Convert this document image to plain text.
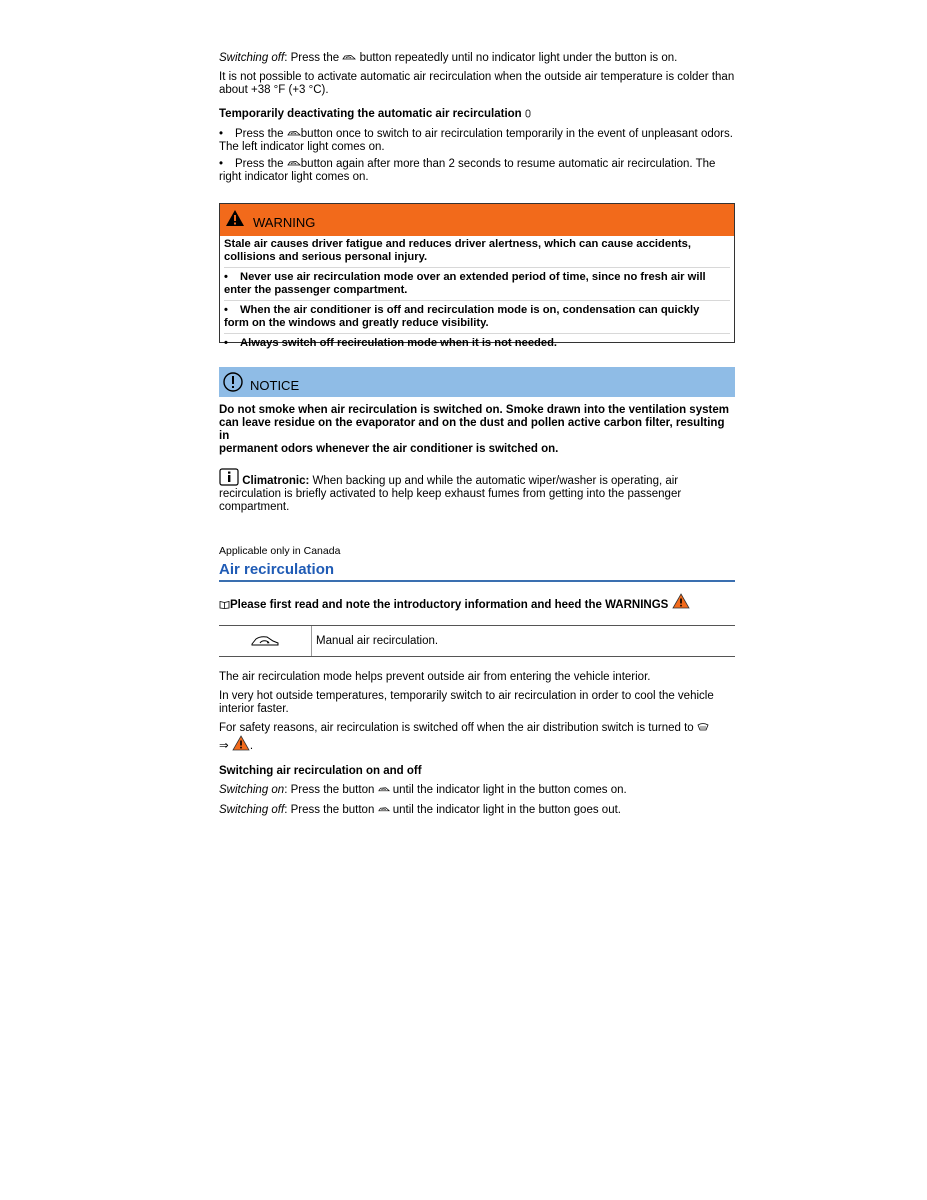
Switching off: Press the  button repeatedly until no indicator light under the button is on.

It is not possible to activate automatic air recirculation when the outside air temperature is colder than
about +38 °F (+3 °C).

Temporarily deactivating the automatic air recirculation

• Press the button once to switch to air recirculation temporarily in the event of unpleasant odors.
The left indicator light comes on.

• Press the button again after more than 2 seconds to resume automatic air recirculation. The
right indicator light comes on.

WARNING

Stale air causes driver fatigue and reduces driver alertness, which can cause accidents,
collisions and serious personal injury.

• Never use air recirculation mode over an extended period of time, since no fresh air will
enter the passenger compartment.

• When the air conditioner is off and recirculation mode is on, condensation can quickly
form on the windows and greatly reduce visibility.

• Always switch off recirculation mode when it is not needed.

NOTICE

Do not smoke when air recirculation is switched on. Smoke drawn into the ventilation system
can leave residue on the evaporator and on the dust and pollen active carbon filter, resulting in
permanent odors whenever the air conditioner is switched on.

Climatronic: When backing up and while the automatic wiper/washer is operating, air
recirculation is briefly activated to help keep exhaust fumes from getting into the passenger
compartment.

Applicable only in Canada

Air recirculation

Please first read and note the introductory information and heed the WARNINGS

Manual air recirculation.

The air recirculation mode helps prevent outside air from entering the vehicle interior.

In very hot outside temperatures, temporarily switch to air recirculation in order to cool the vehicle
interior faster.

For safety reasons, air recirculation is switched off when the air distribution switch is turned to
⇒ .

Switching air recirculation on and off

Switching on: Press the button  until the indicator light in the button comes on.

Switching off: Press the button  until the indicator light in the button goes out.
